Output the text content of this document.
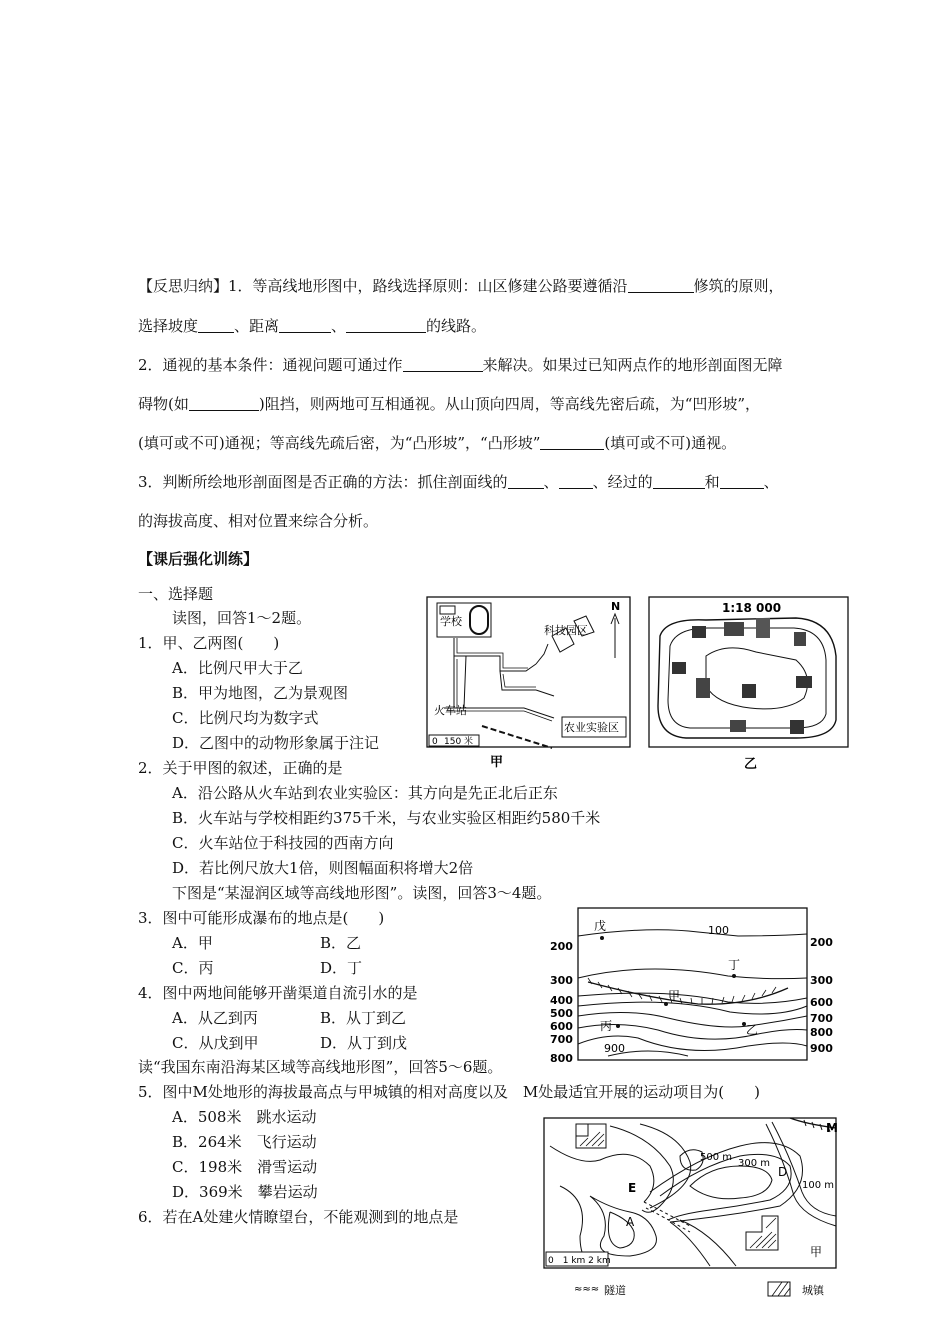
【反思归纳】1．等高线地形图中，路线选择原则：山区修建公路要遵循沿	修筑的原则，
选择坡度 、距离	、	的线路。
2．通视的基本条件：通视问题可通过作	来解决。如果过已知两点作的地形剖面图无障
碍物(如	)阻挡，则两地可互相通视。从山顶向四周，等高线先密后疏，为“凹形坡”，
(填可或不可)通视；等高线先疏后密，为“凸形坡”，“凸形坡”	(填可或不可)通视。
3．判断所绘地形剖面图是否正确的方法：抓住剖面线的 、 、经过的	和	、
的海拔高度、相对位置来综合分析。
【课后强化训练】
一、选择题
读图，回答1～2题。
1．甲、乙两图(　　)
A．比例尺甲大于乙
B．甲为地图，乙为景观图
C．比例尺均为数字式
D．乙图中的动物形象属于注记
2．关于甲图的叙述，正确的是
A．沿公路从火车站到农业实验区：其方向是先正北后正东
B．火车站与学校相距约375千米，与农业实验区相距约580千米
C．火车站位于科技园的西南方向
D．若比例尺放大1倍，则图幅面积将增大2倍
下图是“某湿润区域等高线地形图”。读图，回答3～4题。
3．图中可能形成瀑布的地点是(　　)
A．甲	B．乙
C．丙	D．丁
4．图中两地间能够开凿渠道自流引水的是
A．从乙到丙	B．从丁到乙
C．从戊到甲	D．从丁到戊
读“我国东南沿海某区域等高线地形图”，回答5～6题。
5．图中M处地形的海拔最高点与甲城镇的相对高度以及　M处最适宜开展的运动项目为(　　)
A．508米　跳水运动
B．264米　飞行运动
C．198米　滑雪运动
D．369米　攀岩运动
6．若在A处建火情瞭望台，不能观测到的地点是
学校
科技园区
N
火车站
农业实验区
0 150 米
甲
1:18 000
乙
戊	100
丁
甲
乙
丙
900
200
300
400
500
600
700
800
200
300
600
700
800
900
M
500 m
300 m
D
100 m
E
A
甲
0　1 km 2 km
≈≈≈ 隧道	城镇
